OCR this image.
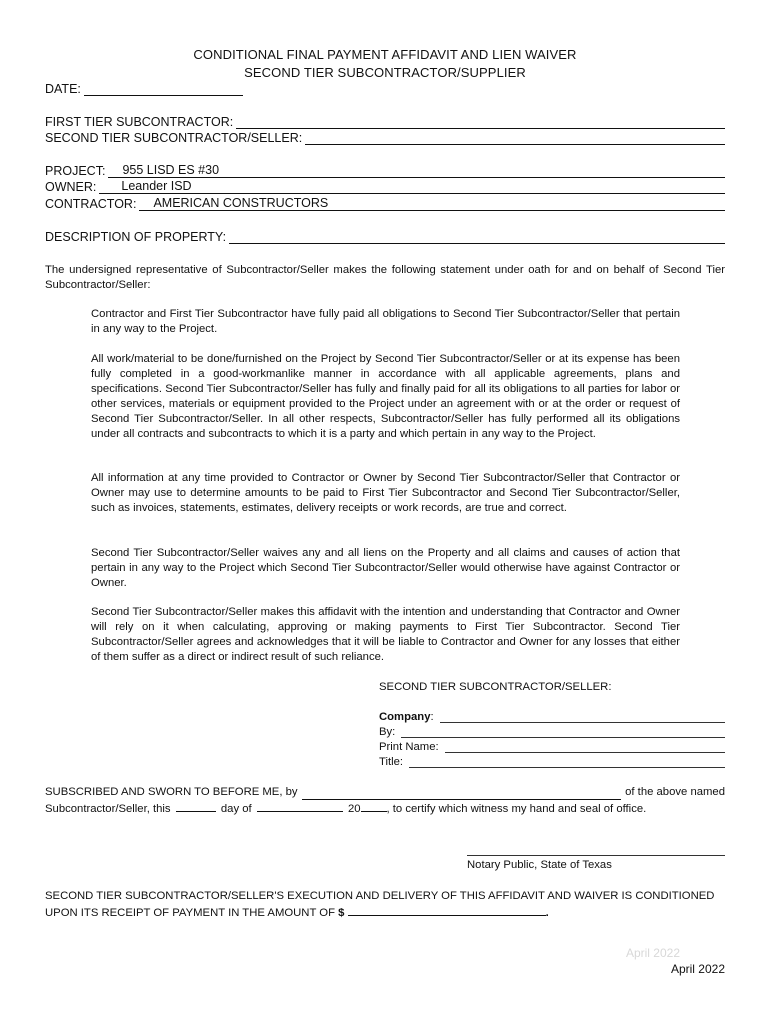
CONDITIONAL FINAL PAYMENT AFFIDAVIT AND LIEN WAIVER
SECOND TIER SUBCONTRACTOR/SUPPLIER
DATE:
FIRST TIER SUBCONTRACTOR:
SECOND TIER SUBCONTRACTOR/SELLER:
PROJECT: 955 LISD ES #30
OWNER: Leander ISD
CONTRACTOR: AMERICAN CONSTRUCTORS
DESCRIPTION OF PROPERTY:
The undersigned representative of Subcontractor/Seller makes the following statement under oath for and on behalf of Second Tier Subcontractor/Seller:
Contractor and First Tier Subcontractor have fully paid all obligations to Second Tier Subcontractor/Seller that pertain in any way to the Project.
All work/material to be done/furnished on the Project by Second Tier Subcontractor/Seller or at its expense has been fully completed in a good-workmanlike manner in accordance with all applicable agreements, plans and specifications. Second Tier Subcontractor/Seller has fully and finally paid for all its obligations to all parties for labor or other services, materials or equipment provided to the Project under an agreement with or at the order or request of Second Tier Subcontractor/Seller. In all other respects, Subcontractor/Seller has fully performed all its obligations under all contracts and subcontracts to which it is a party and which pertain in any way to the Project.
All information at any time provided to Contractor or Owner by Second Tier Subcontractor/Seller that Contractor or Owner may use to determine amounts to be paid to First Tier Subcontractor and Second Tier Subcontractor/Seller, such as invoices, statements, estimates, delivery receipts or work records, are true and correct.
Second Tier Subcontractor/Seller waives any and all liens on the Property and all claims and causes of action that pertain in any way to the Project which Second Tier Subcontractor/Seller would otherwise have against Contractor or Owner.
Second Tier Subcontractor/Seller makes this affidavit with the intention and understanding that Contractor and Owner will rely on it when calculating, approving or making payments to First Tier Subcontractor. Second Tier Subcontractor/Seller agrees and acknowledges that it will be liable to Contractor and Owner for any losses that either of them suffer as a direct or indirect result of such reliance.
SECOND TIER SUBCONTRACTOR/SELLER:
Company:
By:
Print Name:
Title:
SUBSCRIBED AND SWORN TO BEFORE ME, by	of the above named
Subcontractor/Seller, this	day of	20 , to certify which witness my hand and seal of office.
Notary Public, State of Texas
SECOND TIER SUBCONTRACTOR/SELLER'S EXECUTION AND DELIVERY OF THIS AFFIDAVIT AND WAIVER IS CONDITIONED
UPON ITS RECEIPT OF PAYMENT IN THE AMOUNT OF $	.
April 2022
April 2022
